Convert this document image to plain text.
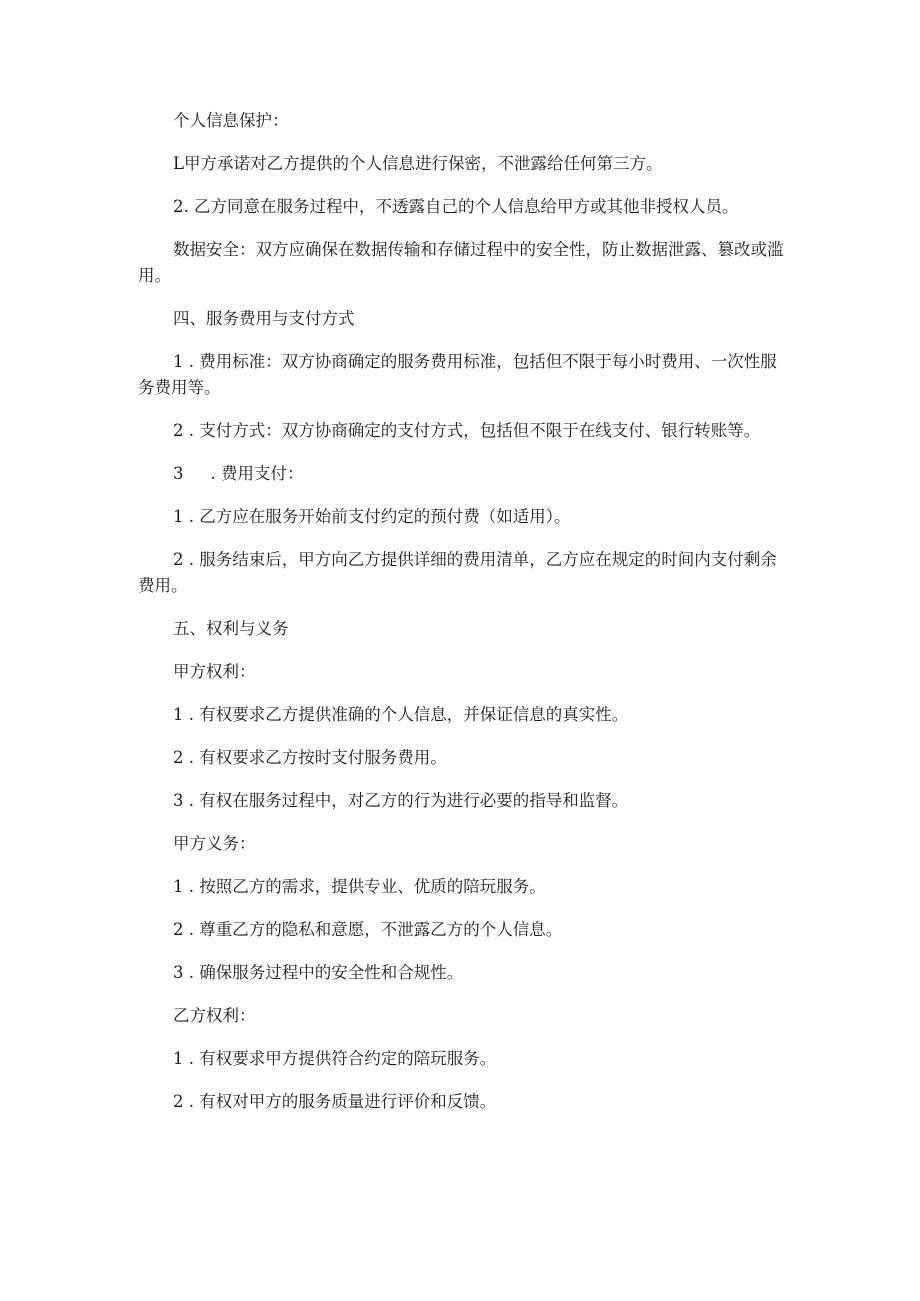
个人信息保护：

L甲方承诺对乙方提供的个人信息进行保密，不泄露给任何第三方。

2. 乙方同意在服务过程中，不透露自己的个人信息给甲方或其他非授权人员。

数据安全：双方应确保在数据传输和存储过程中的安全性，防止数据泄露、篡改或滥用。

四、服务费用与支付方式

1 . 费用标准：双方协商确定的服务费用标准，包括但不限于每小时费用、一次性服务费用等。

2 . 支付方式：双方协商确定的支付方式，包括但不限于在线支付、银行转账等。

3 　 . 费用支付：

1 . 乙方应在服务开始前支付约定的预付费（如适用）。

2 . 服务结束后，甲方向乙方提供详细的费用清单，乙方应在规定的时间内支付剩余费用。

五、权利与义务

甲方权利：

1 . 有权要求乙方提供准确的个人信息，并保证信息的真实性。

2 . 有权要求乙方按时支付服务费用。

3 . 有权在服务过程中，对乙方的行为进行必要的指导和监督。

甲方义务：

1 . 按照乙方的需求，提供专业、优质的陪玩服务。

2 . 尊重乙方的隐私和意愿，不泄露乙方的个人信息。

3 . 确保服务过程中的安全性和合规性。

乙方权利：

1 . 有权要求甲方提供符合约定的陪玩服务。

2 . 有权对甲方的服务质量进行评价和反馈。
